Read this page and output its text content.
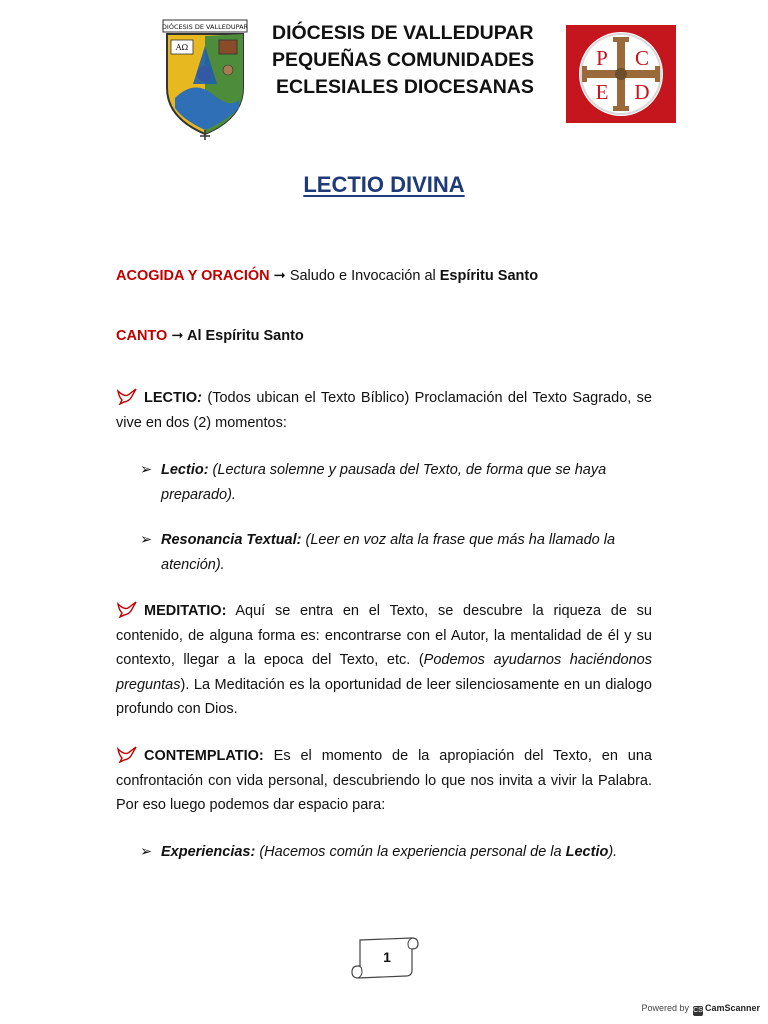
DIÓCESIS DE VALLEDUPAR
AΩ
DIÓCESIS DE VALLEDUPAR
PEQUEÑAS COMUNIDADES
ECLESIALES DIOCESANAS
P C
E D
LECTIO DIVINA
ACOGIDA Y ORACIÓN ➞ Saludo e Invocación al Espíritu Santo
CANTO ➞ Al Espíritu Santo
LECTIO: (Todos ubican el Texto Bíblico) Proclamación del Texto Sagrado, se vive en dos (2) momentos:
➢ Lectio: (Lectura solemne y pausada del Texto, de forma que se haya preparado).
➢ Resonancia Textual: (Leer en voz alta la frase que más ha llamado la atención).
MEDITATIO: Aquí se entra en el Texto, se descubre la riqueza de su contenido, de alguna forma es: encontrarse con el Autor, la mentalidad de él y su contexto, llegar a la epoca del Texto, etc. (Podemos ayudarnos haciéndonos preguntas). La Meditación es la oportunidad de leer silenciosamente en un dialogo profundo con Dios.
CONTEMPLATIO: Es el momento de la apropiación del Texto, en una confrontación con vida personal, descubriendo lo que nos invita a vivir la Palabra. Por eso luego podemos dar espacio para:
➢ Experiencias: (Hacemos común la experiencia personal de la Lectio).
1
Powered by CS CamScanner
